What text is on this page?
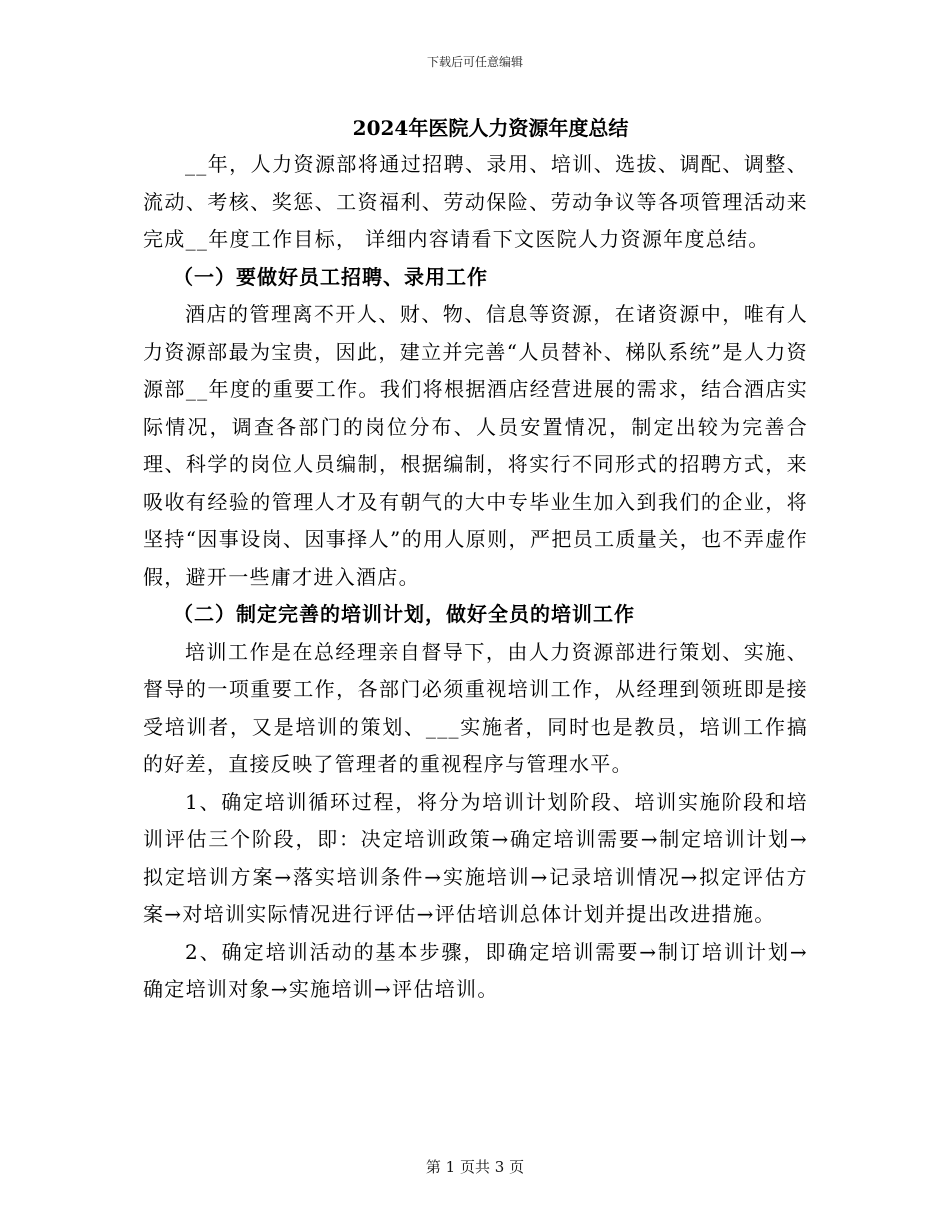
下载后可任意编辑
2024年医院人力资源年度总结

__年，人力资源部将通过招聘、录用、培训、选拔、调配、调整、流动、考核、奖惩、工资福利、劳动保险、劳动争议等各项管理活动来完成__年度工作目标， 详细内容请看下文医院人力资源年度总结。

（一）要做好员工招聘、录用工作

酒店的管理离不开人、财、物、信息等资源，在诸资源中，唯有人力资源部最为宝贵，因此，建立并完善“人员替补、梯队系统”是人力资源部__年度的重要工作。我们将根据酒店经营进展的需求，结合酒店实际情况，调查各部门的岗位分布、人员安置情况，制定出较为完善合理、科学的岗位人员编制，根据编制，将实行不同形式的招聘方式，来吸收有经验的管理人才及有朝气的大中专毕业生加入到我们的企业，将坚持“因事设岗、因事择人”的用人原则，严把员工质量关，也不弄虚作假，避开一些庸才进入酒店。

（二）制定完善的培训计划，做好全员的培训工作

培训工作是在总经理亲自督导下，由人力资源部进行策划、实施、督导的一项重要工作，各部门必须重视培训工作，从经理到领班即是接受培训者，又是培训的策划、___实施者，同时也是教员，培训工作搞的好差，直接反映了管理者的重视程序与管理水平。

1、确定培训循环过程，将分为培训计划阶段、培训实施阶段和培训评估三个阶段，即：决定培训政策→确定培训需要→制定培训计划→拟定培训方案→落实培训条件→实施培训→记录培训情况→拟定评估方案→对培训实际情况进行评估→评估培训总体计划并提出改进措施。

2、确定培训活动的基本步骤，即确定培训需要→制订培训计划→确定培训对象→实施培训→评估培训。

第 1 页共 3 页
